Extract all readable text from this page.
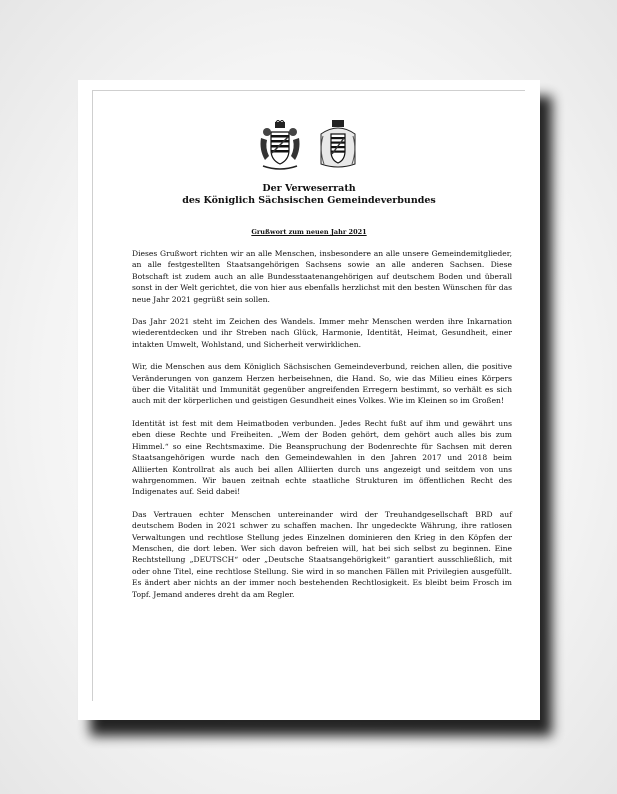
Der Verweserrath
des Königlich Sächsischen Gemeindeverbundes
Grußwort zum neuen Jahr 2021

Dieses Grußwort richten wir an alle Menschen, insbesondere an alle unsere Gemeindemitglieder, an alle festgestellten Staatsangehörigen Sachsens sowie an alle anderen Sachsen. Diese Botschaft ist zudem auch an alle Bundesstaatenangehörigen auf deutschem Boden und überall sonst in der Welt gerichtet, die von hier aus ebenfalls herzlichst mit den besten Wünschen für das neue Jahr 2021 gegrüßt sein sollen.

Das Jahr 2021 steht im Zeichen des Wandels. Immer mehr Menschen werden ihre Inkarnation wiederentdecken und ihr Streben nach Glück, Harmonie, Identität, Heimat, Gesundheit, einer intakten Umwelt, Wohlstand, und Sicherheit verwirklichen.

Wir, die Menschen aus dem Königlich Sächsischen Gemeindeverbund, reichen allen, die positive Veränderungen von ganzem Herzen herbeisehnen, die Hand. So, wie das Milieu eines Körpers über die Vitalität und Immunität gegenüber angreifenden Erregern bestimmt, so verhält es sich auch mit der körperlichen und geistigen Gesundheit eines Volkes. Wie im Kleinen so im Großen!

Identität ist fest mit dem Heimatboden verbunden. Jedes Recht fußt auf ihm und gewährt uns eben diese Rechte und Freiheiten. „Wem der Boden gehört, dem gehört auch alles bis zum Himmel.“ so eine Rechtsmaxime. Die Beanspruchung der Bodenrechte für Sachsen mit deren Staatsangehörigen wurde nach den Gemeindewahlen in den Jahren 2017 und 2018 beim Alliierten Kontrollrat als auch bei allen Alliierten durch uns angezeigt und seitdem von uns wahrgenommen. Wir bauen zeitnah echte staatliche Strukturen im öffentlichen Recht des Indigenates auf. Seid dabei!

Das Vertrauen echter Menschen untereinander wird der Treuhandgesellschaft BRD auf deutschem Boden in 2021 schwer zu schaffen machen. Ihr ungedeckte Währung, ihre ratlosen Verwaltungen und rechtlose Stellung jedes Einzelnen dominieren den Krieg in den Köpfen der Menschen, die dort leben. Wer sich davon befreien will, hat bei sich selbst zu beginnen. Eine Rechtstellung „DEUTSCH“ oder „Deutsche Staatsangehörigkeit“ garantiert ausschließlich, mit oder ohne Titel, eine rechtlose Stellung. Sie wird in so manchen Fällen mit Privilegien ausgefüllt. Es ändert aber nichts an der immer noch bestehenden Rechtlosigkeit. Es bleibt beim Frosch im Topf. Jemand anderes dreht da am Regler.
